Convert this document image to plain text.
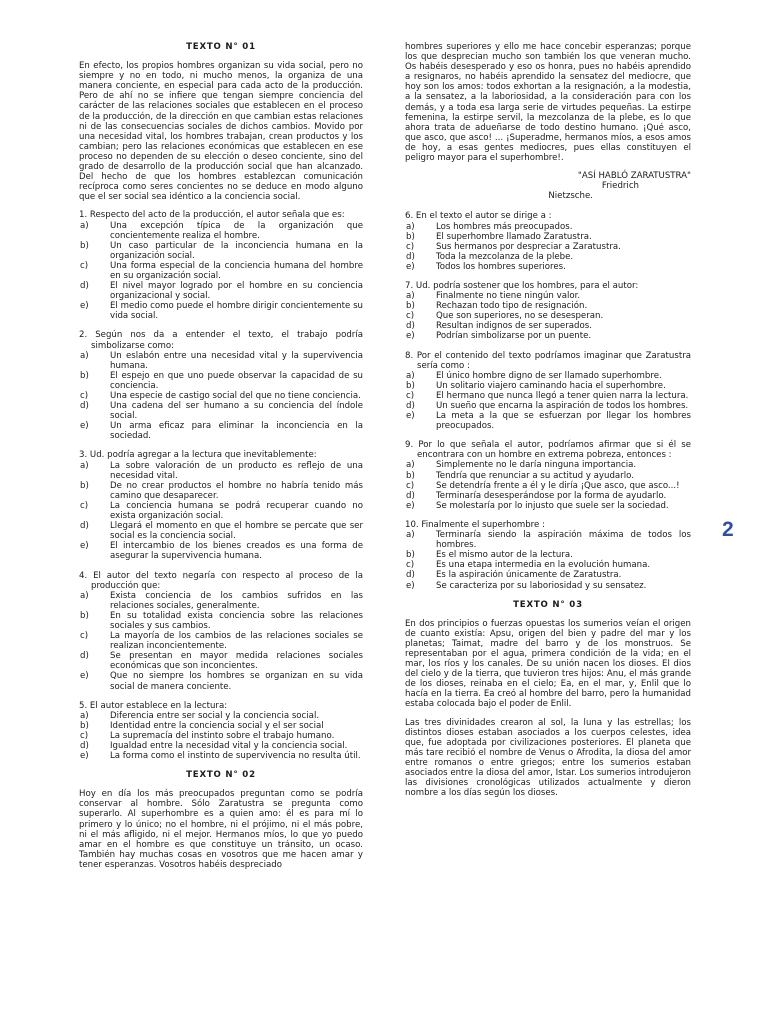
TEXTO N° 01
En efecto, los propios hombres organizan su vida social, pero no siempre y no en todo, ni mucho menos, la organiza de una manera conciente, en especial para cada acto de la producción. Pero de ahí no se infiere que tengan siempre conciencia del carácter de las relaciones sociales que establecen en el proceso de la producción, de la dirección en que cambian estas relaciones ni de las consecuencias sociales de dichos cambios. Movido por una necesidad vital, los hombres trabajan, crean productos y los cambian; pero las relaciones económicas que establecen en ese proceso no dependen de su elección o deseo conciente, sino del grado de desarrollo de la producción social que han alcanzado. Del hecho de que los hombres establezcan comunicación recíproca como seres concientes no se deduce en modo alguno que el ser social sea idéntico a la conciencia social.
1. Respecto del acto de la producción, el autor señala que es:
a)	Una excepción típica de la organización que concientemente realiza el hombre.
b)	Un caso particular de la inconciencia humana en la organización social.
c)	Una forma especial de la conciencia humana del hombre en su organización social.
d)	El nivel mayor logrado por el hombre en su conciencia organizacional y social.
e)	El medio como puede el hombre dirigir concientemente su vida social.
2. Según nos da a entender el texto, el trabajo podría simbolizarse como:
a)	Un eslabón entre una necesidad vital y la supervivencia humana.
b)	El espejo en que uno puede observar la capacidad de su conciencia.
c)	Una especie de castigo social del que no tiene conciencia.
d)	Una cadena del ser humano a su conciencia del índole social.
e)	Un arma eficaz para eliminar la inconciencia en la sociedad.
3. Ud. podría agregar a la lectura que inevitablemente:
a)	La sobre valoración de un producto es reflejo de una necesidad vital.
b)	De no crear productos el hombre no habría tenido más camino que desaparecer.
c)	La conciencia humana se podrá recuperar cuando no exista organización social.
d)	Llegará el momento en que el hombre se percate que ser social es la conciencia social.
e)	El intercambio de los bienes creados es una forma de asegurar la supervivencia humana.
4. El autor del texto negaría con respecto al proceso de la producción que:
a)	Exista conciencia de los cambios sufridos en las relaciones sociales, generalmente.
b)	En su totalidad exista conciencia sobre las relaciones sociales y sus cambios.
c)	La mayoría de los cambios de las relaciones sociales se realizan inconcientemente.
d)	Se presentan en mayor medida relaciones sociales económicas que son inconcientes.
e)	Que no siempre los hombres se organizan en su vida social de manera conciente.
5. El autor establece en la lectura:
a)	Diferencia entre ser social y la conciencia social.
b)	Identidad entre la conciencia social y el ser social
c)	La supremacía del instinto sobre el trabajo humano.
d)	Igualdad entre la necesidad vital y la conciencia social.
e)	La forma como el instinto de supervivencia no resulta útil.
TEXTO N° 02
Hoy en día los más preocupados preguntan como se podría conservar al hombre. Sólo Zaratustra se pregunta como superarlo. Al superhombre es a quien amo: él es para mí lo primero y lo único; no el hombre, ni el prójimo, ni el más pobre, ni el más afligido, ni el mejor. Hermanos míos, lo que yo puedo amar en el hombre es que constituye un tránsito, un ocaso. También hay muchas cosas en vosotros que me hacen amar y tener esperanzas. Vosotros habéis despreciado
hombres superiores y ello me hace concebir esperanzas; porque los que desprecian mucho son también los que veneran mucho. Os habéis desesperado y eso os honra, pues no habéis aprendido a resignaros, no habéis aprendido la sensatez del mediocre, que hoy son los amos: todos exhortan a la resignación, a la modestia, a la sensatez, a la laboriosidad, a la consideración para con los demás, y a toda esa larga serie de virtudes pequeñas. La estirpe femenina, la estirpe servil, la mezcolanza de la plebe, es lo que ahora trata de adueñarse de todo destino humano. ¡Qué asco, que asco, que asco! ... ¡Superadme, hermanos míos, a esos amos de hoy, a esas gentes mediocres, pues ellas constituyen el peligro mayor para el superhombre!.
"ASÍ HABLÓ ZARATUSTRA"
Friedrich
Nietzsche.
6. En el texto el autor se dirige a :
a)	Los hombres más preocupados.
b)	El superhombre llamado Zaratustra.
c)	Sus hermanos por despreciar a Zaratustra.
d)	Toda la mezcolanza de la plebe.
e)	Todos los hombres superiores.
7. Ud. podría sostener que los hombres, para el autor:
a)	Finalmente no tiene ningún valor.
b)	Rechazan todo tipo de resignación.
c)	Que son superiores, no se desesperan.
d)	Resultan indignos de ser superados.
e)	Podrían simbolizarse por un puente.
8. Por el contenido del texto podríamos imaginar que Zaratustra sería como :
a)	El único hombre digno de ser llamado superhombre.
b)	Un solitario viajero caminando hacia el superhombre.
c)	El hermano que nunca llegó a tener quien narra la lectura.
d)	Un sueño que encarna la aspiración de todos los hombres.
e)	La meta a la que se esfuerzan por llegar los hombres preocupados.
9. Por lo que señala el autor, podríamos afirmar que si él se encontrara con un hombre en extrema pobreza, entonces :
a)	Simplemente no le daría ninguna importancia.
b)	Tendría que renunciar a su actitud y ayudarlo.
c)	Se detendría frente a él y le diría ¡Que asco, que asco...!
d)	Terminaría desesperándose por la forma de ayudarlo.
e)	Se molestaría por lo injusto que suele ser la sociedad.
10. Finalmente el superhombre :
a)	Terminaría siendo la aspiración máxima de todos los hombres.
b)	Es el mismo autor de la lectura.
c)	Es una etapa intermedia en la evolución humana.
d)	Es la aspiración únicamente de Zaratustra.
e)	Se caracteriza por su laboriosidad y su sensatez.
TEXTO N° 03
En dos principios o fuerzas opuestas los sumerios veían el origen de cuanto existía: Apsu, origen del bien y padre del mar y los planetas; Taimat, madre del barro y de los monstruos. Se representaban por el agua, primera condición de la vida; en el mar, los ríos y los canales. De su unión nacen los dioses. El dios del cielo y de la tierra, que tuvieron tres hijos: Anu, el más grande de los dioses, reinaba en el cielo; Ea, en el mar, y, Enlil que lo hacía en la tierra. Ea creó al hombre del barro, pero la humanidad estaba colocada bajo el poder de Enlil.
Las tres divinidades crearon al sol, la luna y las estrellas; los distintos dioses estaban asociados a los cuerpos celestes, idea que, fue adoptada por civilizaciones posteriores. El planeta que más tare recibió el nombre de Venus o Afrodita, la diosa del amor entre romanos o entre griegos; entre los sumerios estaban asociados entre la diosa del amor, Istar. Los sumerios introdujeron las divisiones cronológicas utilizados actualmente y dieron nombre a los días según los dioses.
2
